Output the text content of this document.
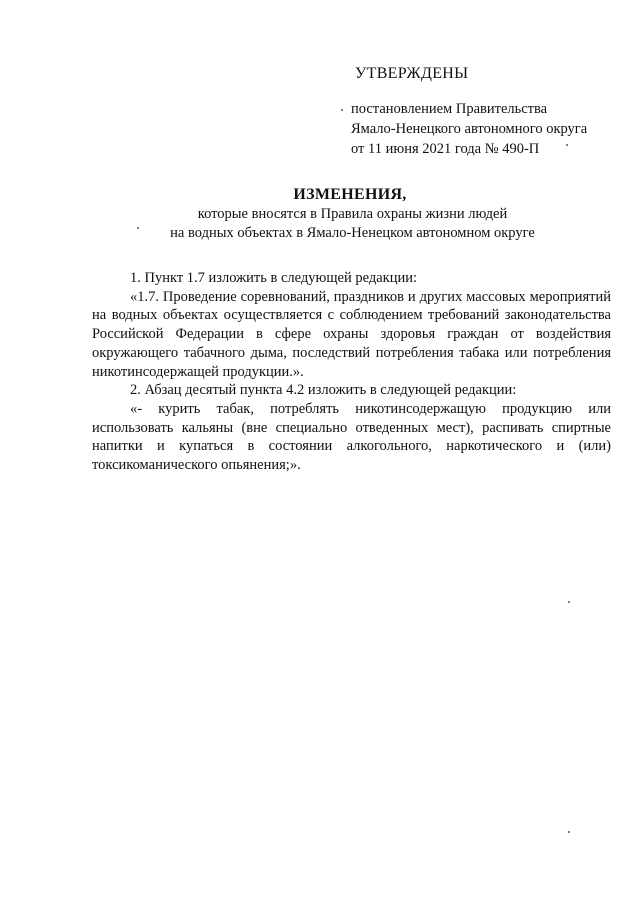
УТВЕРЖДЕНЫ

постановлением Правительства

Ямало-Ненецкого автономного округа

от 11 июня 2021 года № 490-П

ИЗМЕНЕНИЯ,
которые вносятся в Правила охраны жизни людей
на водных объектах в Ямало-Ненецком автономном округе

1. Пункт 1.7 изложить в следующей редакции:

«1.7. Проведение соревнований, праздников и других массовых мероприятий на водных объектах осуществляется с соблюдением требований законодательства Российской Федерации в сфере охраны здоровья граждан от воздействия окружающего табачного дыма, последствий потребления табака или потребления никотинсодержащей продукции.».

2. Абзац десятый пункта 4.2 изложить в следующей редакции:

«- курить табак, потреблять никотинсодержащую продукцию или использовать кальяны (вне специально отведенных мест), распивать спиртные напитки и купаться в состоянии алкогольного, наркотического и (или) токсикоманического опьянения;».
